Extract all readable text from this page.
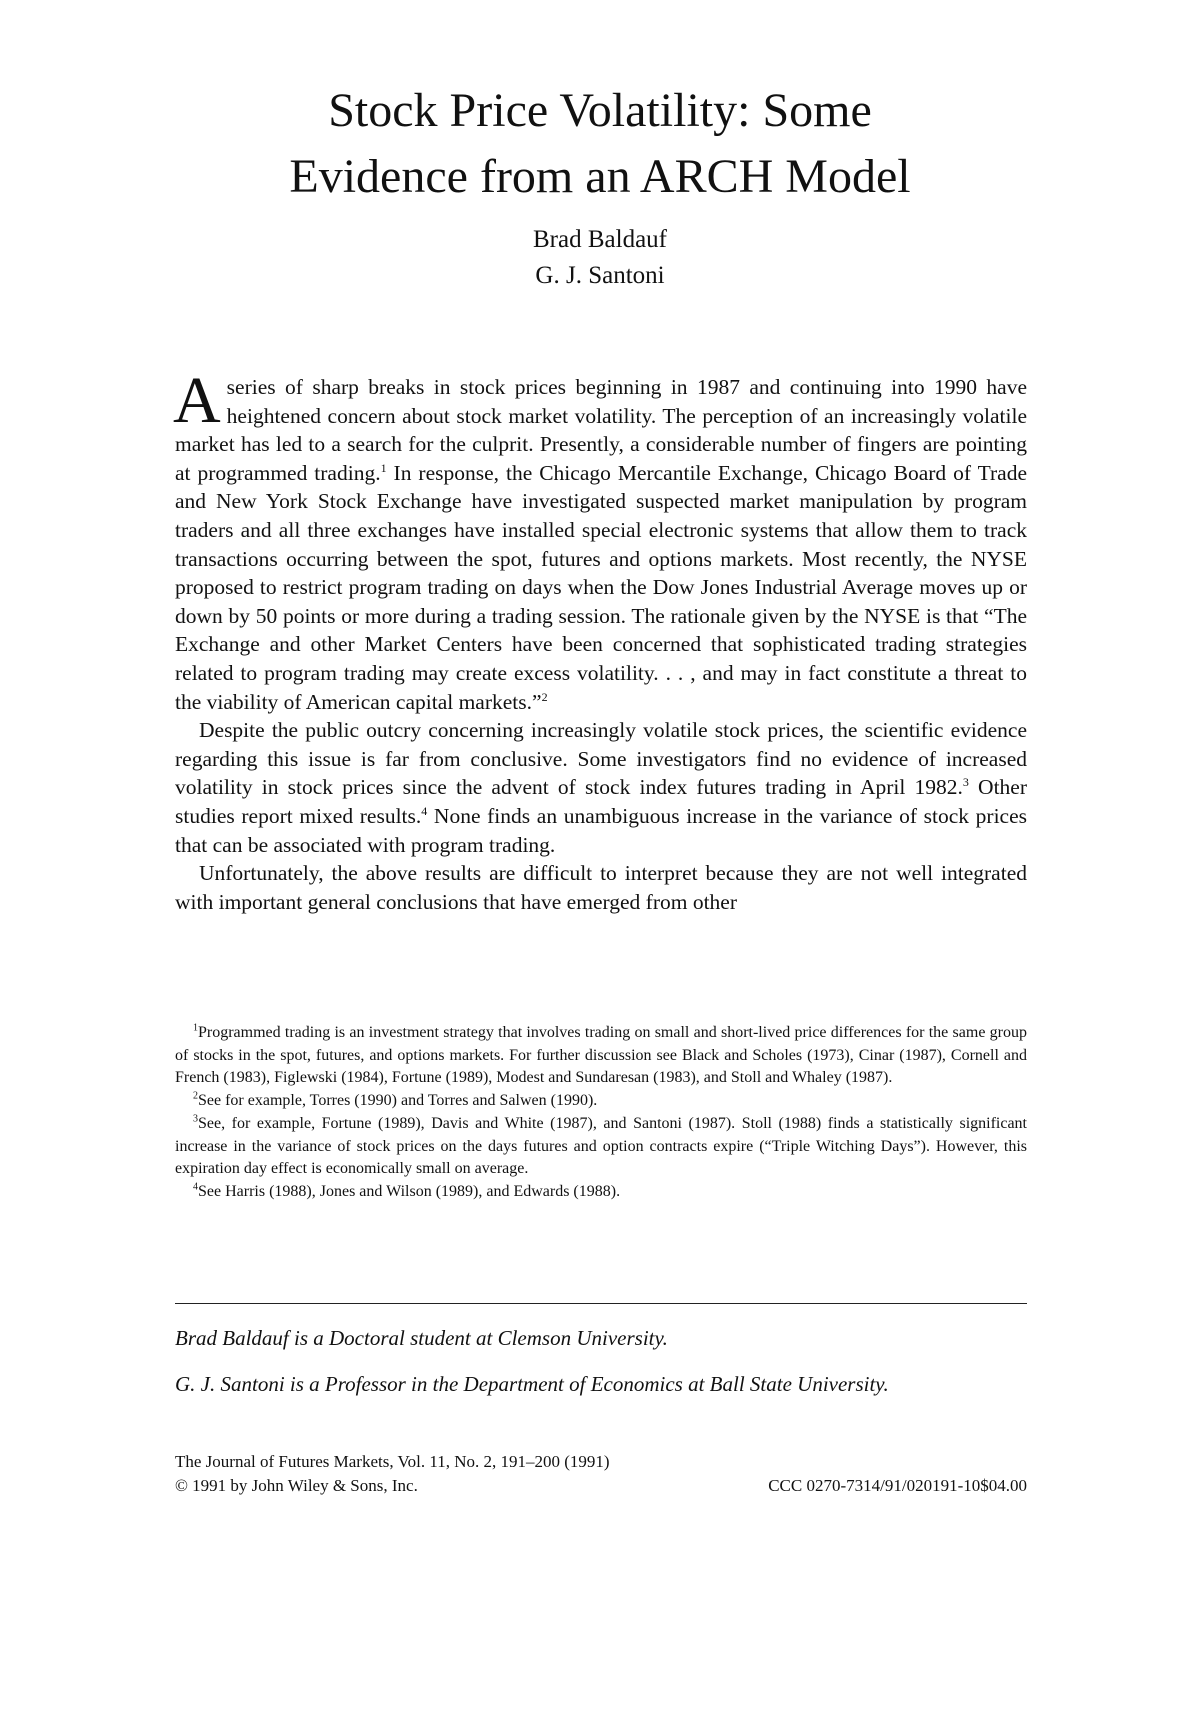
Stock Price Volatility: Some
Evidence from an ARCH Model
Brad Baldauf
G. J. Santoni

Aseries of sharp breaks in stock prices beginning in 1987 and continuing into 1990 have heightened concern about stock market volatility. The perception of an increasingly volatile market has led to a search for the culprit. Presently, a considerable number of fingers are pointing at programmed trading.$^1$ In response, the Chicago Mercantile Exchange, Chicago Board of Trade and New York Stock Exchange have investigated suspected market manipulation by program traders and all three exchanges have installed special electronic systems that allow them to track transactions occurring between the spot, futures and options markets. Most recently, the NYSE proposed to restrict program trading on days when the Dow Jones Industrial Average moves up or down by 50 points or more during a trading session. The rationale given by the NYSE is that “The Exchange and other Market Centers have been concerned that sophisticated trading strategies related to program trading may create excess volatility. . . , and may in fact constitute a threat to the viability of American capital markets.”$^2$

Despite the public outcry concerning increasingly volatile stock prices, the scientific evidence regarding this issue is far from conclusive. Some investigators find no evidence of increased volatility in stock prices since the advent of stock index futures trading in April 1982.$^3$ Other studies report mixed results.$^4$ None finds an unambiguous increase in the variance of stock prices that can be associated with program trading.

Unfortunately, the above results are difficult to interpret because they are not well integrated with important general conclusions that have emerged from other

$^1$Programmed trading is an investment strategy that involves trading on small and short-lived price differences for the same group of stocks in the spot, futures, and options markets. For further discussion see Black and Scholes (1973), Cinar (1987), Cornell and French (1983), Figlewski (1984), Fortune (1989), Modest and Sundaresan (1983), and Stoll and Whaley (1987).

$^2$See for example, Torres (1990) and Torres and Salwen (1990).

$^3$See, for example, Fortune (1989), Davis and White (1987), and Santoni (1987). Stoll (1988) finds a statistically significant increase in the variance of stock prices on the days futures and option contracts expire (“Triple Witching Days”). However, this expiration day effect is economically small on average.

$^4$See Harris (1988), Jones and Wilson (1989), and Edwards (1988).

Brad Baldauf is a Doctoral student at Clemson University.
G. J. Santoni is a Professor in the Department of Economics at Ball State University.
The Journal of Futures Markets, Vol. 11, No. 2, 191–200 (1991)
© 1991 by John Wiley & Sons, Inc.	CCC 0270-7314/91/020191-10$04.00
